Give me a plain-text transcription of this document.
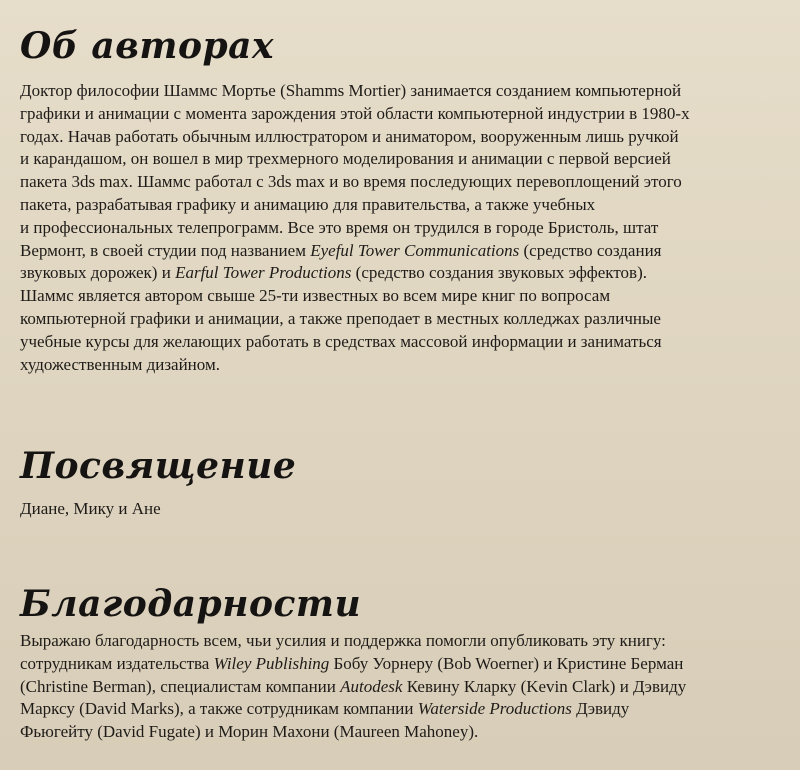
Об авторах
Доктор философии Шаммс Мортье (Shamms Mortier) занимается созданием компьютерной
графики и анимации с момента зарождения этой области компьютерной индустрии в 1980-х
годах. Начав работать обычным иллюстратором и аниматором, вооруженным лишь ручкой
и карандашом, он вошел в мир трехмерного моделирования и анимации с первой версией
пакета 3ds max. Шаммс работал с 3ds max и во время последующих перевоплощений этого
пакета, разрабатывая графику и анимацию для правительства, а также учебных
и профессиональных телепрограмм. Все это время он трудился в городе Бристоль, штат
Вермонт, в своей студии под названием Eyeful Tower Communications (средство создания
звуковых дорожек) и Earful Tower Productions (средство создания звуковых эффектов).
Шаммс является автором свыше 25-ти известных во всем мире книг по вопросам
компьютерной графики и анимации, а также преподает в местных колледжах различные
учебные курсы для желающих работать в средствах массовой информации и заниматься
художественным дизайном.
Посвящение
Диане, Мику и Ане
Благодарности
Выражаю благодарность всем, чьи усилия и поддержка помогли опубликовать эту книгу:
сотрудникам издательства Wiley Publishing Бобу Уорнеру (Bob Woerner) и Кристине Берман
(Christine Berman), специалистам компании Autodesk Кевину Кларку (Kevin Clark) и Дэвиду
Марксу (David Marks), а также сотрудникам компании Waterside Productions Дэвиду
Фьюгейту (David Fugate) и Морин Махони (Maureen Mahoney).
